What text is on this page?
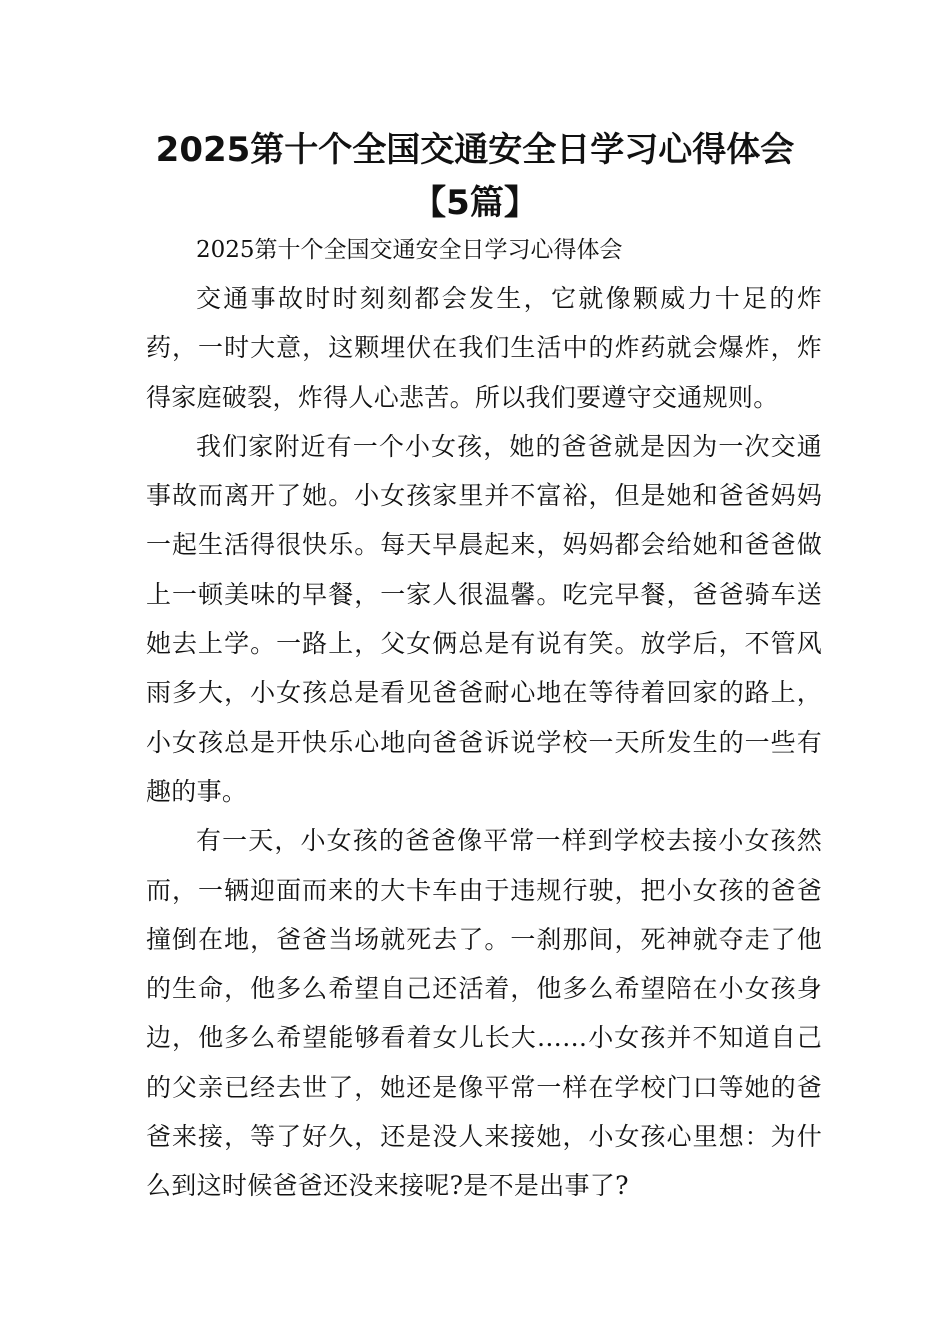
2025第十个全国交通安全日学习心得体会
【5篇】

2025第十个全国交通安全日学习心得体会

交通事故时时刻刻都会发生，它就像颗威力十足的炸药，一时大意，这颗埋伏在我们生活中的炸药就会爆炸，炸得家庭破裂，炸得人心悲苦。所以我们要遵守交通规则。

我们家附近有一个小女孩，她的爸爸就是因为一次交通事故而离开了她。小女孩家里并不富裕，但是她和爸爸妈妈一起生活得很快乐。每天早晨起来，妈妈都会给她和爸爸做上一顿美味的早餐，一家人很温馨。吃完早餐，爸爸骑车送她去上学。一路上，父女俩总是有说有笑。放学后，不管风雨多大，小女孩总是看见爸爸耐心地在等待着回家的路上，小女孩总是开快乐心地向爸爸诉说学校一天所发生的一些有趣的事。

有一天，小女孩的爸爸像平常一样到学校去接小女孩然而，一辆迎面而来的大卡车由于违规行驶，把小女孩的爸爸撞倒在地，爸爸当场就死去了。一刹那间，死神就夺走了他的生命，他多么希望自己还活着，他多么希望陪在小女孩身边，他多么希望能够看着女儿长大……小女孩并不知道自己的父亲已经去世了，她还是像平常一样在学校门口等她的爸爸来接，等了好久，还是没人来接她，小女孩心里想：为什么到这时候爸爸还没来接呢?是不是出事了?
